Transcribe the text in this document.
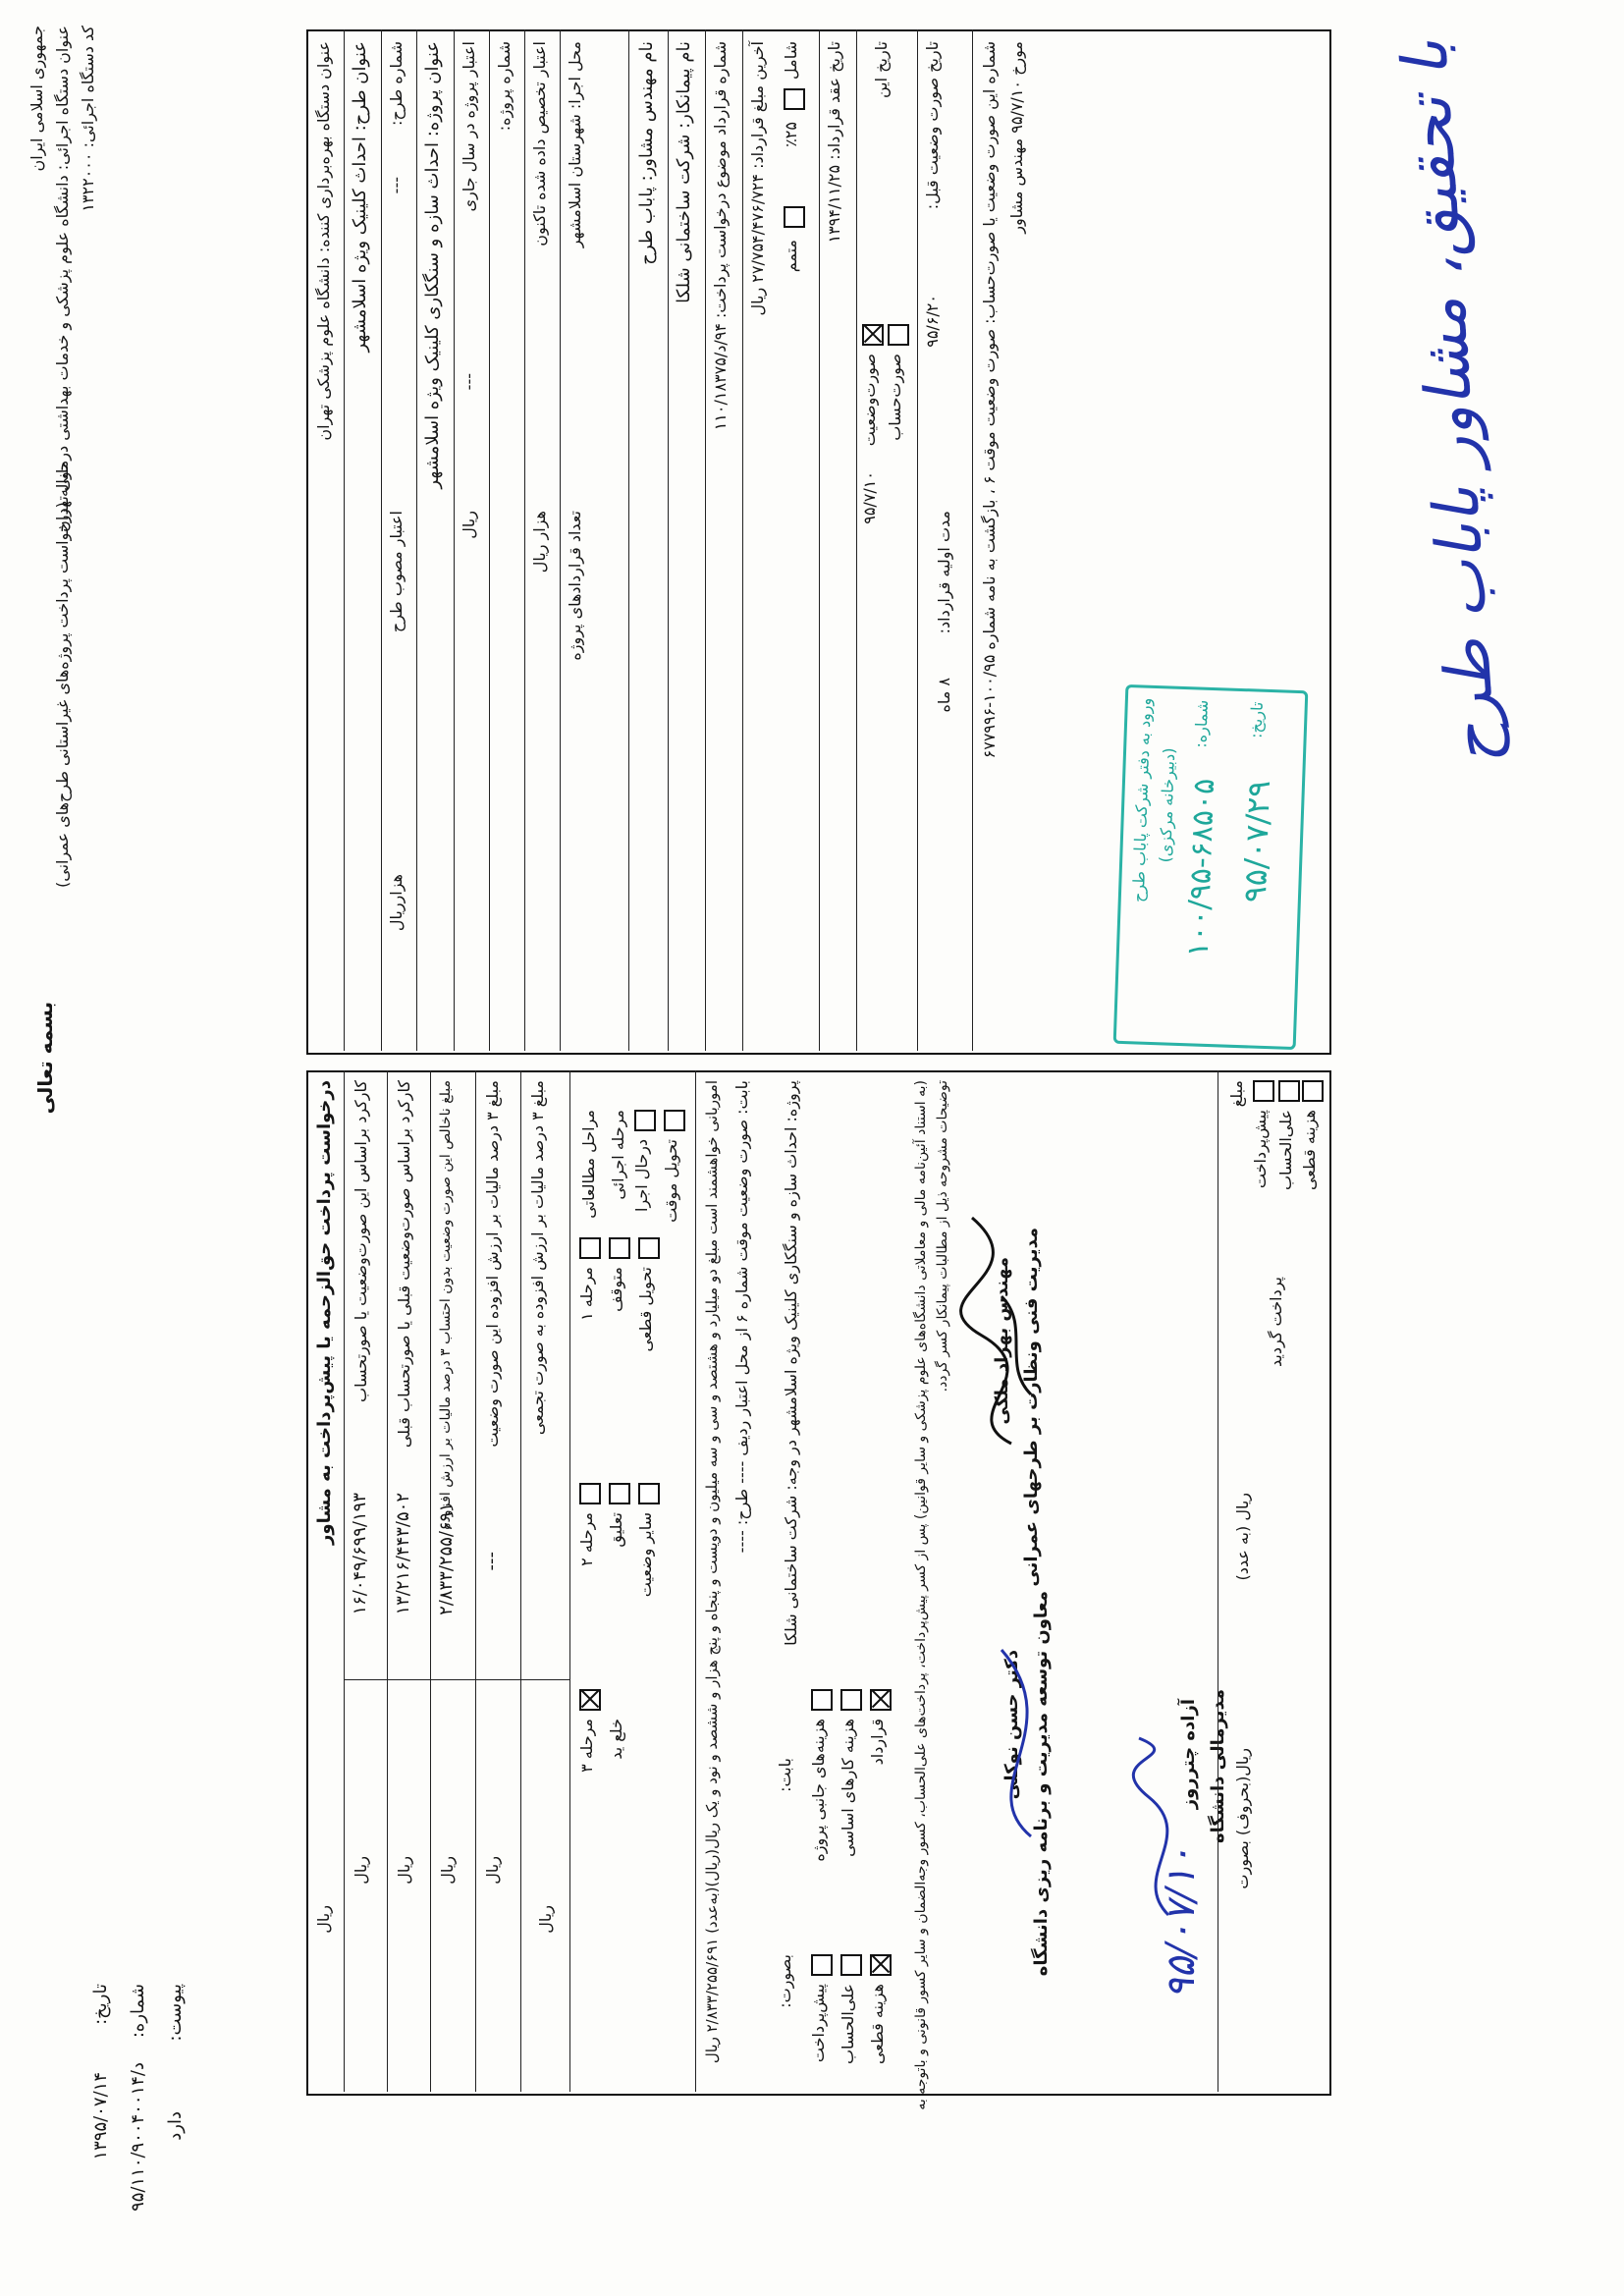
بسمه تعالی
جمهوری اسلامی ایران عنوان دستگاه اجرائی: دانشگاه علوم پزشکی و خدمات بهداشتی درمانی تهران
حواله (درخواست پرداخت پروژه‌های غیراستانی طرح‌های عمرانی)
کد دستگاه اجرائی: ۱۳۲۲۰۰۰
تاریخ:
۱۳۹۵/۰۷/۱۴
شماره:
۹۵/د/۱۱۰/۹۰۰۴۰۰۱۴
پیوست:
دارد
عنوان دستگاه بهره‌برداری کننده: دانشگاه علوم پزشکی تهران عنوان طرح: احداث کلینیک ویژه اسلامشهر شماره طرح:
---
اعتبار مصوب طرح
هزارریال
عنوان پروژه: احداث سازه و سنگکاری کلینیک ویژه اسلامشهر اعتبار پروژه در سال جاری
---
ریال
شماره پروژه: اعتبار تخصیص داده شده تاکنون
هزار ریال
محل اجرا: شهرستان اسلامشهر
تعداد قراردادهای پروژه
نام مهندس مشاور: پاباب طرح نام پیمانکار: شرکت ساختمانی شلکا
شماره قرارداد موضوع درخواست پرداخت: ۹۴/د/۱۱۰/۱۸۳۷۵ آخرین مبلغ قرارداد: ۲۷/۷۵۴/۴۷۶/۷۲۴ ریال شامل
٪۲۵
متمم
تاریخ عقد قرارداد: ۱۳۹۴/۱۱/۲۵ تاریخ این
صورت‌وضعیت
۹۵/۷/۱۰
صورت‌حساب
تاریخ صورت وضعیت قبل:
۹۵/۶/۲۰
مدت اولیه قرارداد:
۸ ماه
شماره این صورت وضعیت یا صورت‌حساب: صورت وضعیت موقت ۶ ، بازگشت به نامه شماره ۱۰۰/۹۵-۶۷۷۹۹۶ مورخ ۹۵/۷/۱۰ مهندس مشاور
ورود به دفتر شرکت پاباب طرح (دبیرخانه مرکزی)
شماره:
۱۰۰/۹۵-۶۸۵۰۵
تاریخ:
۹۵/۰۷/۲۹
با تحقیق، مشاور پاباب طرح
درخواست پرداخت حق‌الزحمه یا پیش‌پرداخت به مشاور
ریال
کارکرد براساس این صورت‌وضعیت یا صورتحساب
۱۶/۰۴۹/۶۹۹/۱۹۳
ریال
کارکرد براساس صورت‌وضعیت قبلی یا صورتحساب قبلی
۱۳/۲۱۶/۴۴۳/۵۰۲
ریال
مبلغ ناخالص این صورت وضعیت بدون احتساب ۳ درصد مالیات بر ارزش افزوده
۲/۸۳۳/۲۵۵/۶۹۱
ریال
مبلغ ۳ درصد مالیات بر ارزش افزوده این صورت وضعیت
---
ریال
مبلغ ۳ درصد مالیات بر ارزش افزوده به صورت تجمعی
ریال
مراحل مطالعاتی
مرحله ۱
مرحله ۲
مرحله ۳
مرحله اجرائی درحال اجرا
متوقف
تعلیق
خلع ید
تحویل موقت
تحویل قطعی
سایر وضعیت
اموربانی خواهشمند است مبلغ دو میلیارد و هشتصد و سی و سه میلیون و دویست و پنجاه و پنج هزار و ششصد و نود و یک ریال(ریال)(به‌عدد) ۲/۸۳۳/۲۵۵/۶۹۱ ریال بابت: صورت وضعیت موقت شماره ۶ از محل اعتبار ردیف ---- طرح: ---- پروژه: احداث سازه و سنگکاری کلینیک ویژه اسلامشهر در وجه: شرکت ساختمانی شلکا
بصورت:
پیش‌پرداخت علی‌الحساب هزینه قطعی
بابت: هزینه‌های جانبی پروژه هزینه کارهای اساسی قرارداد (به استناد آئین‌نامه مالی و معاملاتی دانشگاه‌های علوم پزشکی و سایر قوانین) پس از کسر پیش‌پرداخت، پرداخت‌های علی‌الحساب، کسور وجه‌الضمان و سایر کسور قانونی و باتوجه به توضیحات مشروحه ذیل از مطالبات پیمانکار کسر گردد. مهندس بهزاد ملکی مدیریت فنی ونظارت بر طرحهای عمرانی
دکتر حسن نوکلی معاون توسعه مدیریت و برنامه ریزی دانشگاه	آزاده چترروز مدیرمالی دانشگاه
۹۵/۰۷/۱۰
مبلغ
پیش‌پرداخت علی‌الحساب هزینه قطعی
پرداخت گردید
ریال (به عدد)
ریال(بحروف) بصورت
